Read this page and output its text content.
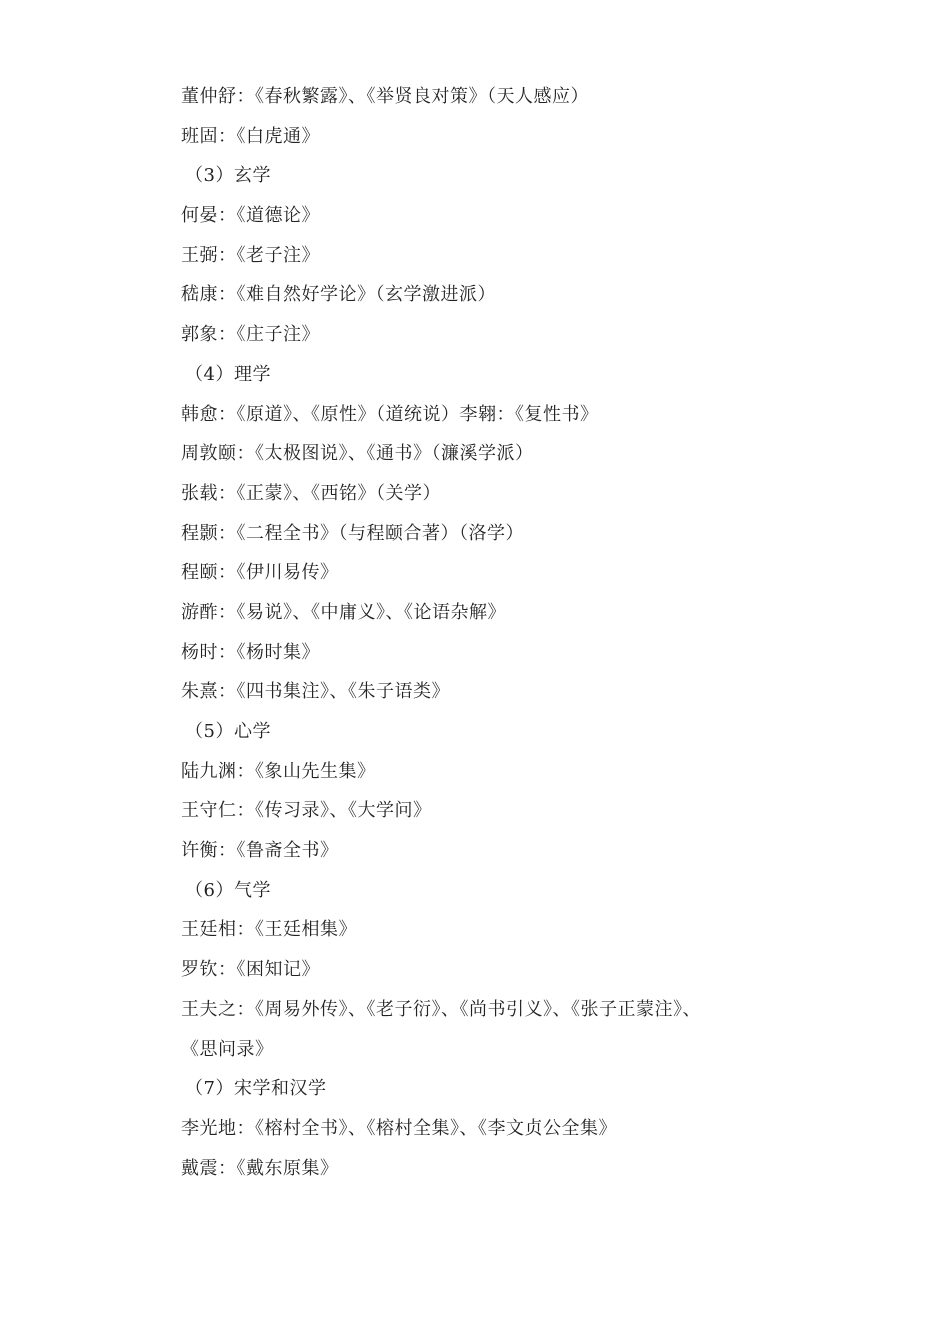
董仲舒：《春秋繁露》、《举贤良对策》（天人感应）
班固：《白虎通》
（3）玄学
何晏：《道德论》
王弼：《老子注》
嵇康：《难自然好学论》（玄学激进派）
郭象：《庄子注》
（4）理学
韩愈：《原道》、《原性》（道统说）李翱：《复性书》
周敦颐：《太极图说》、《通书》（濂溪学派）
张载：《正蒙》、《西铭》（关学）
程颢：《二程全书》（与程颐合著）（洛学）
程颐：《伊川易传》
游酢：《易说》、《中庸义》、《论语杂解》
杨时：《杨时集》
朱熹：《四书集注》、《朱子语类》
（5）心学
陆九渊：《象山先生集》
王守仁：《传习录》、《大学问》
许衡：《鲁斋全书》
（6）气学
王廷相：《王廷相集》
罗钦：《困知记》
王夫之：《周易外传》、《老子衍》、《尚书引义》、《张子正蒙注》、
《思问录》
（7）宋学和汉学
李光地：《榕村全书》、《榕村全集》、《李文贞公全集》
戴震：《戴东原集》
